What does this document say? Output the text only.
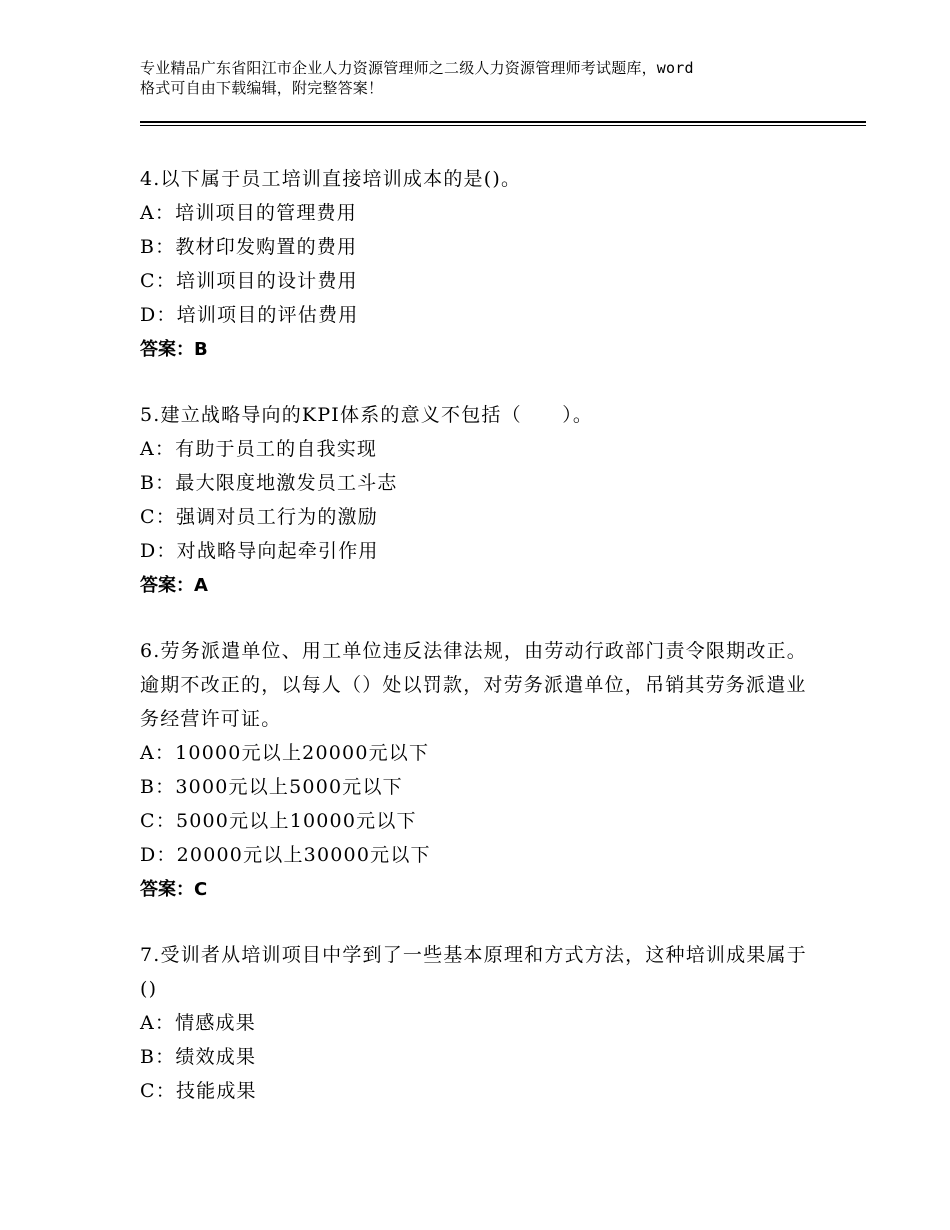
专业精品广东省阳江市企业人力资源管理师之二级人力资源管理师考试题库，word
格式可自由下载编辑，附完整答案！

4.以下属于员工培训直接培训成本的是()。

A：培训项目的管理费用

B：教材印发购置的费用

C：培训项目的设计费用

D：培训项目的评估费用

答案：B

5.建立战略导向的KPI体系的意义不包括（　　）。

A：有助于员工的自我实现

B：最大限度地激发员工斗志

C：强调对员工行为的激励

D：对战略导向起牵引作用

答案：A

6.劳务派遣单位、用工单位违反法律法规，由劳动行政部门责令限期改正。逾期不改正的，以每人（）处以罚款，对劳务派遣单位，吊销其劳务派遣业务经营许可证。

A：10000元以上20000元以下

B：3000元以上5000元以下

C：5000元以上10000元以下

D：20000元以上30000元以下

答案：C

7.受训者从培训项目中学到了一些基本原理和方式方法，这种培训成果属于()

A：情感成果

B：绩效成果

C：技能成果
